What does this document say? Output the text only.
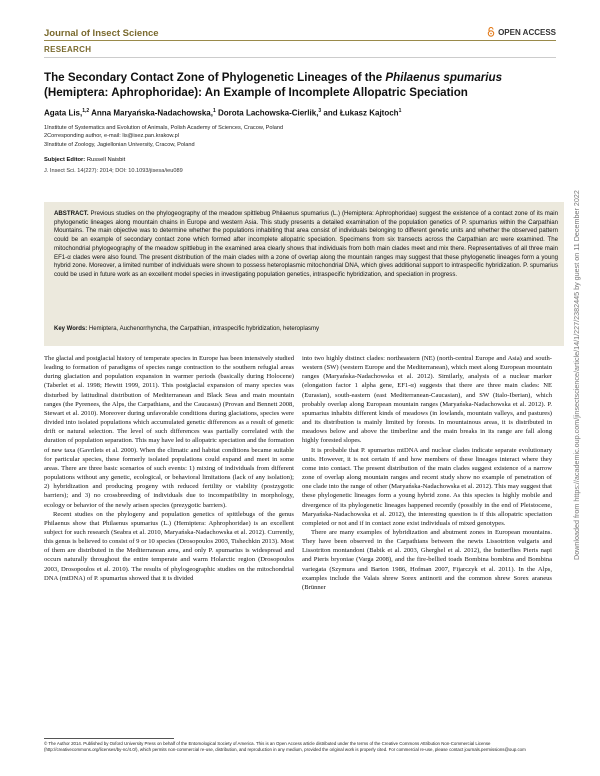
Journal of Insect Science	OPEN ACCESS
RESEARCH
The Secondary Contact Zone of Phylogenetic Lineages of the Philaenus spumarius (Hemiptera: Aphrophoridae): An Example of Incomplete Allopatric Speciation
Agata Lis,$^{1,2}$ Anna Maryańska-Nadachowska,$^1$ Dorota Lachowska-Cierlik,$^3$ and Łukasz Kajtoch$^1$
1Institute of Systematics and Evolution of Animals, Polish Academy of Sciences, Cracow, Poland
2Corresponding author, e-mail: lis@isez.pan.krakow.pl
3Institute of Zoology, Jagiellonian University, Cracow, Poland
Subject Editor: Russell Naisbit
J. Insect Sci. 14(227): 2014; DOI: 10.1093/jisesa/ieu089
ABSTRACT. Previous studies on the phylogeography of the meadow spittlebug Philaenus spumarius (L.) (Hemiptera: Aphrophoridae) suggest the existence of a contact zone of its main phylogenetic lineages along mountain chains in Europe and western Asia. This study presents a detailed examination of the population genetics of P. spumarius within the Carpathian Mountains. The main objective was to determine whether the populations inhabiting that area consist of individuals belonging to different genetic units and whether the observed pattern could be an example of secondary contact zone which formed after incomplete allopatric speciation. Specimens from six transects across the Carpathian arc were examined. The mitochondrial phylogeography of the meadow spittlebug in the examined area clearly shows that individuals from both main clades meet and mix there. Representatives of all three main EF1-α clades were also found. The present distribution of the main clades with a zone of overlap along the mountain ranges may suggest that these phylogenetic lineages form a young hybrid zone. Moreover, a limited number of individuals were shown to possess heteroplasmic mitochondrial DNA, which gives additional support to intraspecific hybridization. P. spumarius could be used in future work as an excellent model species in investigating population genetics, intraspecific hybridization, and speciation in progress.
Key Words: Hemiptera, Auchenorrhyncha, the Carpathian, intraspecific hybridization, heteroplasmy

The glacial and postglacial history of temperate species in Europe has been intensively studied leading to formation of paradigms of species range contraction to the southern refugial areas during glaciation and population expansion in warmer periods (basically during Holocene) (Taberlet et al. 1998; Hewitt 1999, 2011). This postglacial expansion of many species was disturbed by latitudinal distribution of Mediterranean and Black Seas and main mountain ranges (the Pyrenees, the Alps, the Carpathians, and the Caucasus) (Provan and Bennett 2008, Stewart et al. 2010). Moreover during unfavorable conditions during glaciations, species were divided into isolated populations which accumulated genetic differences as a result of genetic drift or natural selection. The level of such differences was partially correlated with the duration of population separation. This may have led to allopatric speciation and the formation of new taxa (Gavrilets et al. 2000). When the climatic and habitat conditions became suitable for particular species, these formerly isolated populations could expand and meet in some areas. There are three basic scenarios of such events: 1) mixing of individuals from different populations without any genetic, ecological, or behavioral limitations (lack of any isolation); 2) hybridization and producing progeny with reduced fertility or viability (postzygotic barriers); and 3) no crossbreeding of individuals due to incompatibility in morphology, ecology or behavior of the newly arisen species (prezygotic barriers).

Recent studies on the phylogeny and population genetics of spittlebugs of the genus Philaenus show that Philaenus spumarius (L.) (Hemiptera: Aphrophoridae) is an excellent subject for such research (Seabra et al. 2010, Maryańska-Nadachowska et al. 2012). Currently, this genus is believed to consist of 9 or 10 species (Drosopoulos 2003, Tishechkin 2013). Most of them are distributed in the Mediterranean area, and only P. spumarius is widespread and occurs naturally throughout the entire temperate and warm Holarctic region (Drosopoulos 2003, Drosopoulos et al. 2010). The results of phylogeographic studies on the mitochondrial DNA (mtDNA) of P. spumarius showed that it is divided

into two highly distinct clades: northeastern (NE) (north-central Europe and Asia) and south-western (SW) (western Europe and the Mediterranean), which meet along European mountain ranges (Maryańska-Nadachowska et al. 2012). Similarly, analysis of a nuclear marker (elongation factor 1 alpha gene, EF1-α) suggests that there are three main clades: NE (Eurasian), south-eastern (east Mediterranean-Caucasian), and SW (Italo-Iberian), which probably overlap along European mountain ranges (Maryańska-Nadachowska et al. 2012). P. spumarius inhabits different kinds of meadows (in lowlands, mountain valleys, and pastures) and its distribution is mainly limited by forests. In mountainous areas, it is distributed in meadows below and above the timberline and the main breaks in its range are fall along highly forested slopes.

It is probable that P. spumarius mtDNA and nuclear clades indicate separate evolutionary units. However, it is not certain if and how members of these lineages interact where they come into contact. The present distribution of the main clades suggest existence of a narrow zone of overlap along mountain ranges and recent study show no example of penetration of one clade into the range of other (Maryańska-Nadachowska et al. 2012). This may suggest that these phylogenetic lineages form a young hybrid zone. As this species is highly mobile and divergence of its phylogenetic lineages happened recently (possibly in the end of Pleistocene, Maryańska-Nadachowska et al. 2012), the interesting question is if this allopatric speciation completed or not and if in contact zone exist individuals of mixed genotypes.

There are many examples of hybridization and abutment zones in European mountains. They have been observed in the Carpathians between the newts Lissotriton vulgaris and Lissotriton montandoni (Babik et al. 2003, Gherghel et al. 2012), the butterflies Pieris napi and Pieris bryoniae (Varga 2008), and the fire-bellied toads Bombina bombina and Bombina variegata (Szymura and Barton 1986, Hofman 2007, Fijarczyk et al. 2011). In the Alps, examples include the Valais shrew Sorex antinorii and the common shrew Sorex araneus (Brünner

© The Author 2014. Published by Oxford University Press on behalf of the Entomological Society of America. This is an Open Access article distributed under the terms of the Creative Commons Attribution Non-Commercial License (http://creativecommons.org/licenses/by-nc/4.0/), which permits non-commercial re-use, distribution, and reproduction in any medium, provided the original work is properly cited. For commercial re-use, please contact journals.permissions@oup.com
Downloaded from https://academic.oup.com/jinsectscience/article/14/1/227/2382445 by guest on 11 December 2022
